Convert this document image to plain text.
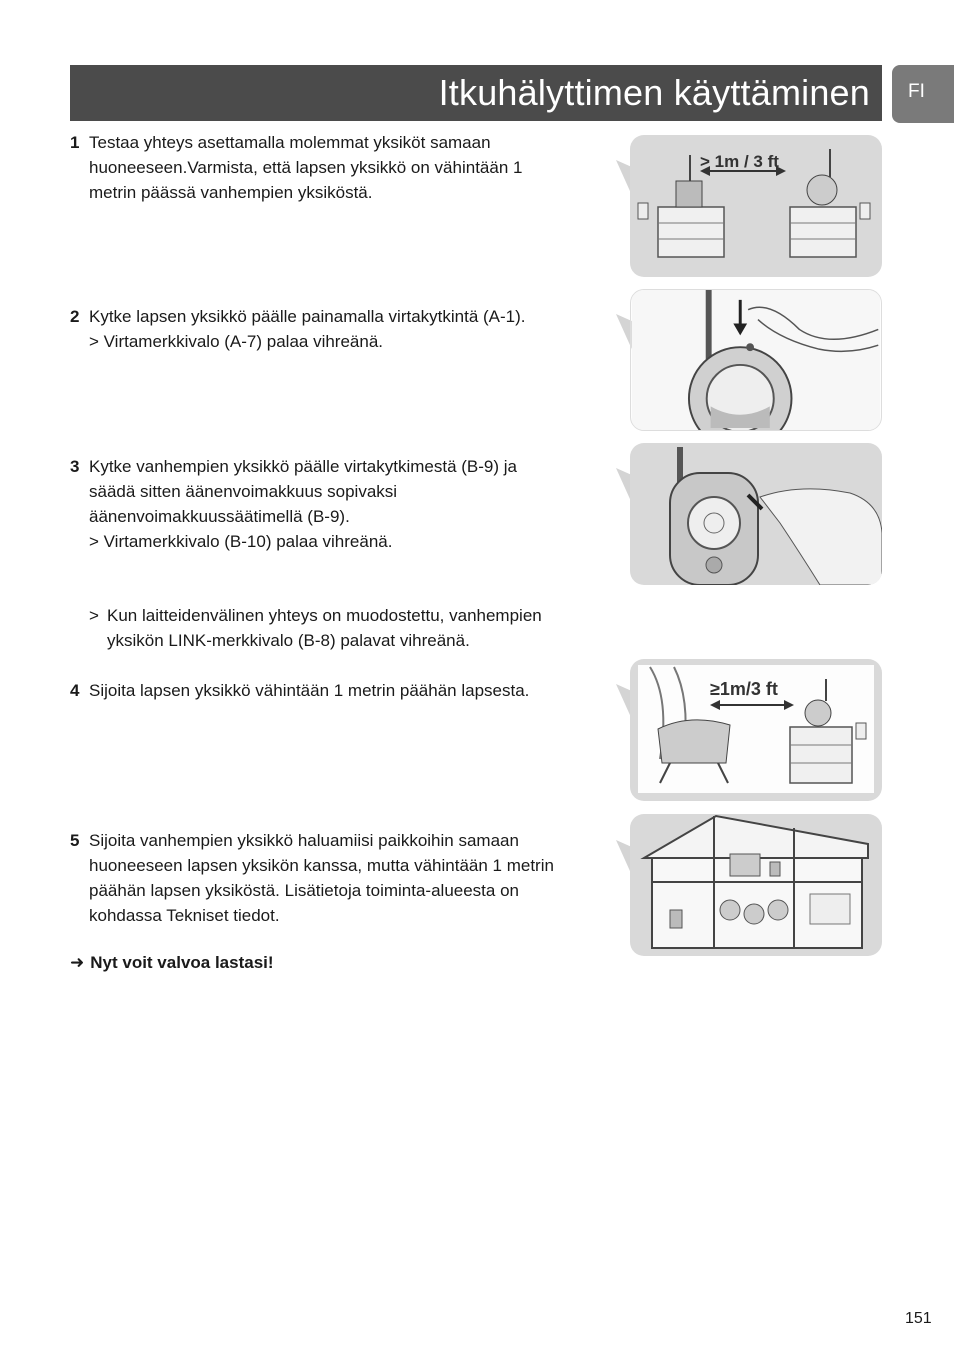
Itkuhälyttimen käyttäminen FI
1 Testaa yhteys asettamalla molemmat yksiköt samaan

huoneeseen.Varmista, että lapsen yksikkö on vähintään 1

metrin päässä vanhempien yksiköstä.

2 Kytke lapsen yksikkö päälle painamalla virtakytkintä (A-1).

> Virtamerkkivalo (A-7) palaa vihreänä.

3 Kytke vanhempien yksikkö päälle virtakytkimestä (B-9) ja

säädä sitten äänenvoimakkuus sopivaksi

äänenvoimakkuussäätimellä (B-9).

> Virtamerkkivalo (B-10) palaa vihreänä.

> Kun laitteidenvälinen yhteys on muodostettu, vanhempien

yksikön LINK-merkkivalo (B-8) palavat vihreänä.

4 Sijoita lapsen yksikkö vähintään 1 metrin päähän lapsesta.

5 Sijoita vanhempien yksikkö haluamiisi paikkoihin samaan

huoneeseen lapsen yksikön kanssa, mutta vähintään 1 metrin

päähän lapsen yksiköstä. Lisätietoja toiminta-alueesta on

kohdassa Tekniset tiedot.

➜ Nyt voit valvoa lastasi!
> 1m / 3 ft
≥1m/3 ft
151
